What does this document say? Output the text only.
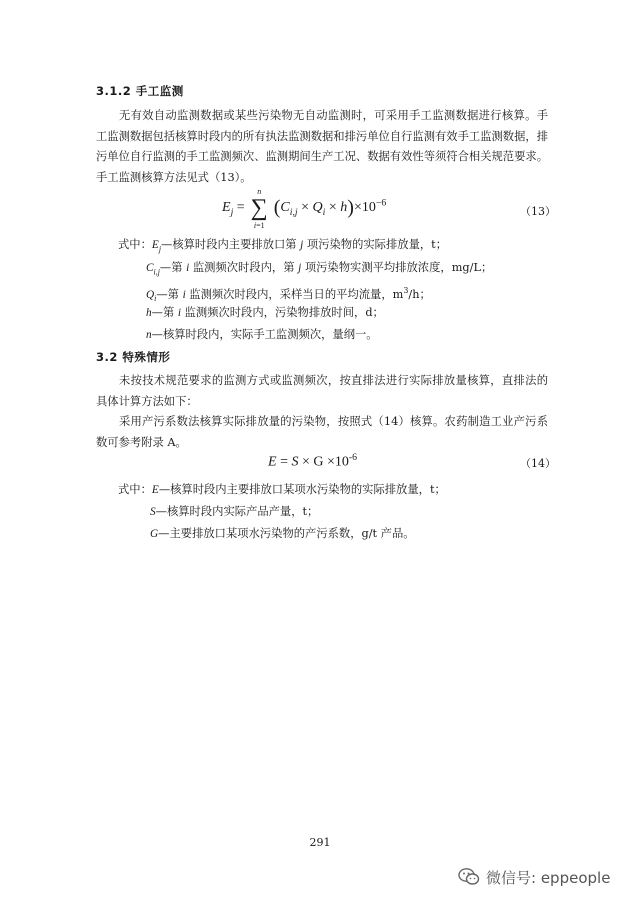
3.1.2 手工监测

无有效自动监测数据或某些污染物无自动监测时，可采用手工监测数据进行核算。手工监测数据包括核算时段内的所有执法监测数据和排污单位自行监测有效手工监测数据，排污单位自行监测的手工监测频次、监测期间生产工况、数据有效性等须符合相关规范要求。手工监测核算方法见式（13）。

$E_j$ =
n
∑
i=1
$(C_{i,j} \times Q_i \times h)\times 10^{-6}$
（13）
式中：$E_j—$核算时段内主要排放口第 j 项污染物的实际排放量，t；
$C_{i,j}—$第 i 监测频次时段内，第 j 项污染物实测平均排放浓度，mg/L；
$Q_i—$第 i 监测频次时段内，采样当日的平均流量，$m^3/h$；
h—第 i 监测频次时段内，污染物排放时间，d；
n—核算时段内，实际手工监测频次，量纲一。
3.2 特殊情形

未按技术规范要求的监测方式或监测频次，按直排法进行实际排放量核算，直排法的具体计算方法如下：

采用产污系数法核算实际排放量的污染物，按照式（14）核算。农药制造工业产污系数可参考附录 A。

$E = S \times G \times 10^{-6}$	（14）
式中：E—核算时段内主要排放口某项水污染物的实际排放量，t；
S—核算时段内实际产品产量，t；
G—主要排放口某项水污染物的产污系数，g/t 产品。
291
微信号: eppeople
